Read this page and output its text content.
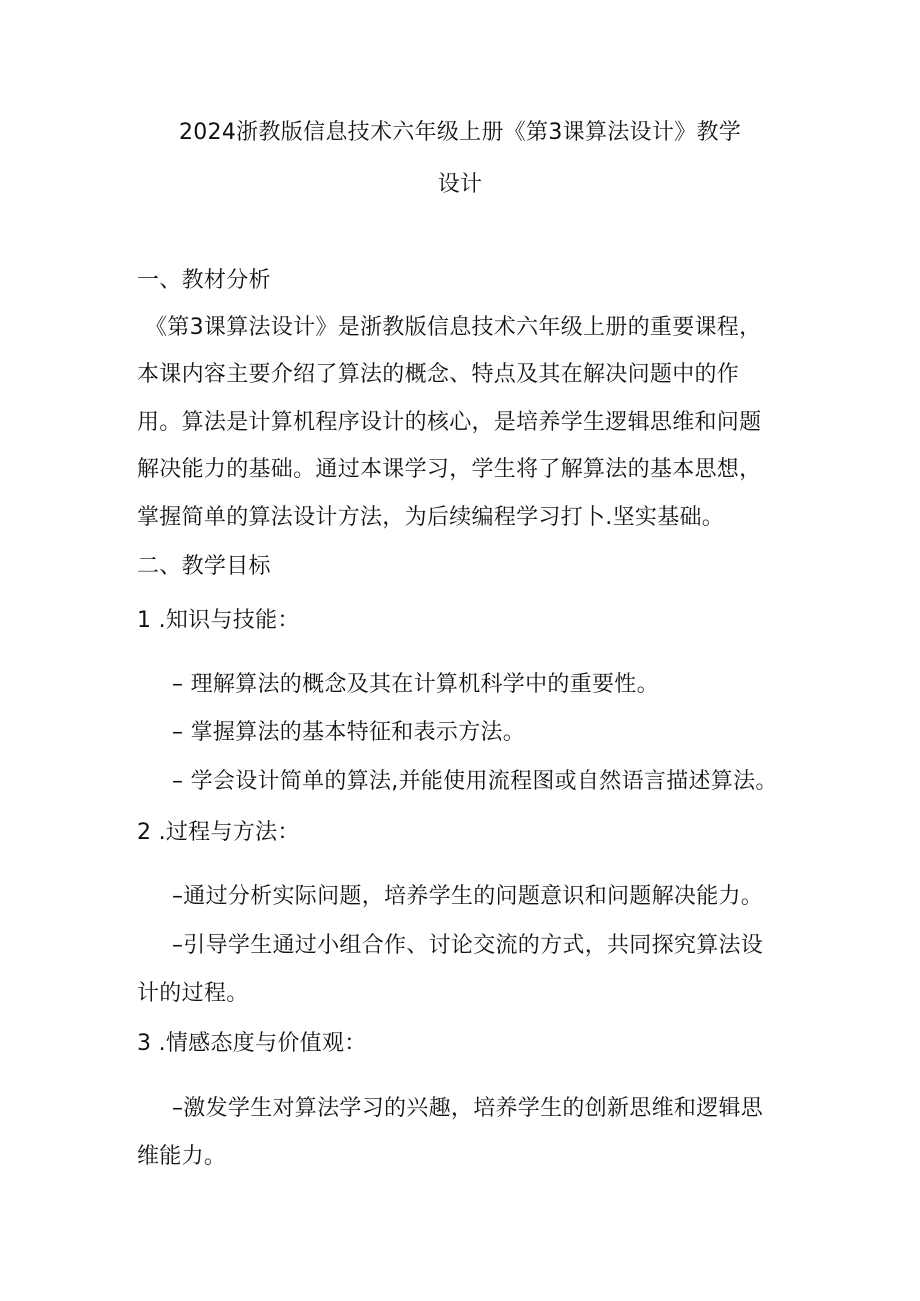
2024浙教版信息技术六年级上册《第3课算法设计》教学
设计
一、教材分析
《第3课算法设计》是浙教版信息技术六年级上册的重要课程，
本课内容主要介绍了算法的概念、特点及其在解决问题中的作
用。算法是计算机程序设计的核心，是培养学生逻辑思维和问题
解决能力的基础。通过本课学习，学生将了解算法的基本思想，
掌握简单的算法设计方法，为后续编程学习打卜.坚实基础。
二、教学目标
1 .知识与技能：
– 理解算法的概念及其在计算机科学中的重要性。
– 掌握算法的基本特征和表示方法。
– 学会设计简单的算法,并能使用流程图或自然语言描述算法。
2 .过程与方法：
–通过分析实际问题，培养学生的问题意识和问题解决能力。
–引导学生通过小组合作、讨论交流的方式，共同探究算法设
计的过程。
3 .情感态度与价值观：
–激发学生对算法学习的兴趣，培养学生的创新思维和逻辑思
维能力。
